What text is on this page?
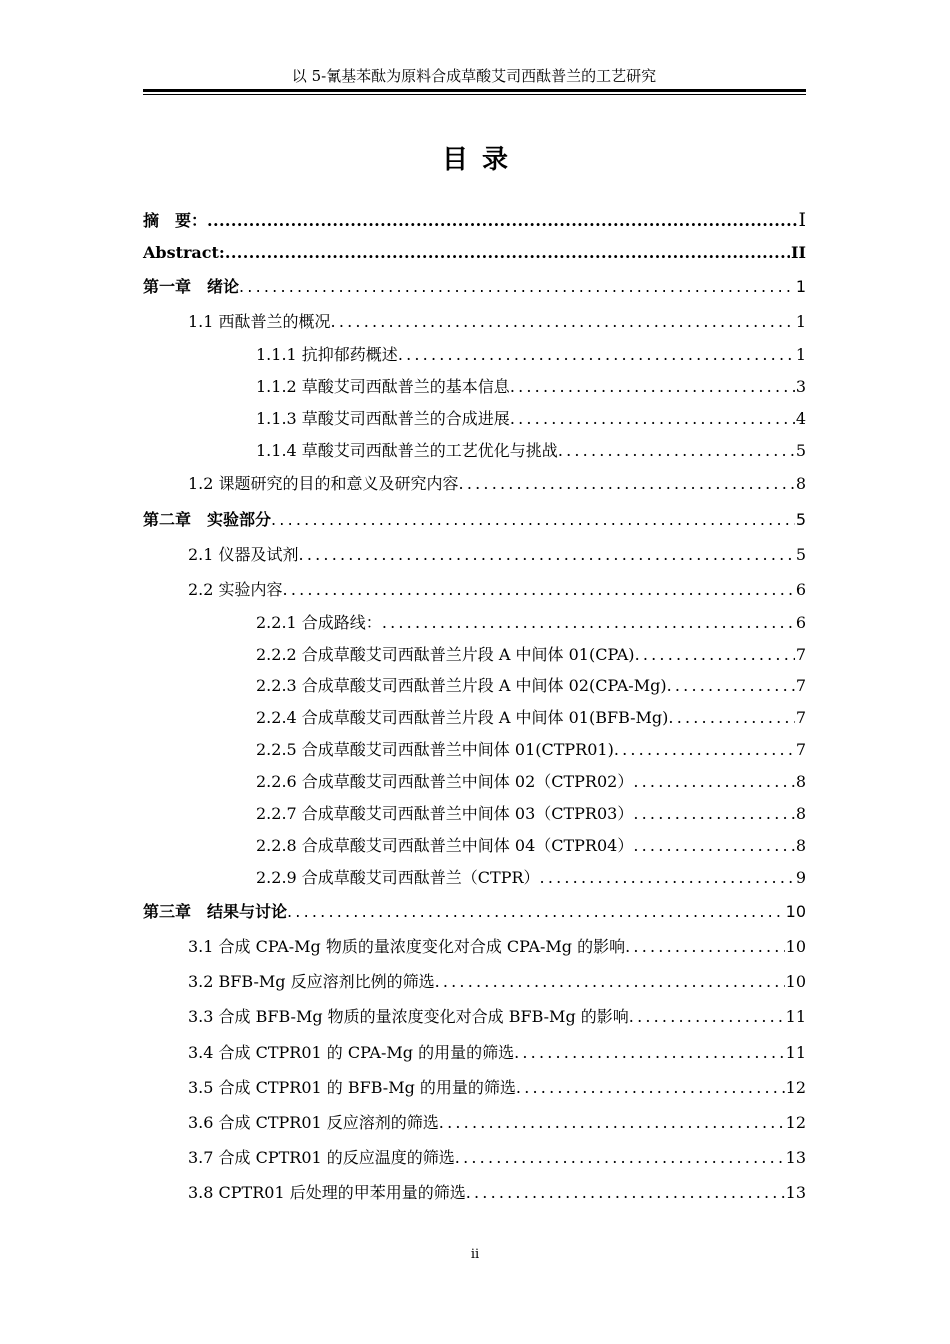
以 5-氰基苯酞为原料合成草酸艾司西酞普兰的工艺研究
目录
摘　要： .....	I
Abstract: .....	II
第一章　绪论 .....	1
1.1 西酞普兰的概况 .....	1
1.1.1 抗抑郁药概述 .....	1
1.1.2 草酸艾司西酞普兰的基本信息 .....	3
1.1.3 草酸艾司西酞普兰的合成进展 .....	4
1.1.4 草酸艾司西酞普兰的工艺优化与挑战 .....	5
1.2 课题研究的目的和意义及研究内容 .....	8
第二章　实验部分 .....	5
2.1 仪器及试剂 .....	5
2.2 实验内容 .....	6
2.2.1 合成路线： .....	6
2.2.2 合成草酸艾司西酞普兰片段 A 中间体 01(CPA) .....	7
2.2.3 合成草酸艾司西酞普兰片段 A 中间体 02(CPA-Mg) .....	7
2.2.4 合成草酸艾司西酞普兰片段 A 中间体 01(BFB-Mg) .....	7
2.2.5 合成草酸艾司西酞普兰中间体 01(CTPR01) .....	7
2.2.6 合成草酸艾司西酞普兰中间体 02（CTPR02） .....	8
2.2.7 合成草酸艾司西酞普兰中间体 03（CTPR03） .....	8
2.2.8 合成草酸艾司西酞普兰中间体 04（CTPR04） .....	8
2.2.9 合成草酸艾司西酞普兰（CTPR） .....	9
第三章　结果与讨论 .....	10
3.1 合成 CPA-Mg 物质的量浓度变化对合成 CPA-Mg 的影响 .....	10
3.2 BFB-Mg 反应溶剂比例的筛选 .....	10
3.3 合成 BFB-Mg 物质的量浓度变化对合成 BFB-Mg 的影响 .....	11
3.4 合成 CTPR01 的 CPA-Mg 的用量的筛选 .....	11
3.5 合成 CTPR01 的 BFB-Mg 的用量的筛选 .....	12
3.6 合成 CTPR01 反应溶剂的筛选 .....	12
3.7 合成 CPTR01 的反应温度的筛选 .....	13
3.8 CPTR01 后处理的甲苯用量的筛选 .....	13
ii
